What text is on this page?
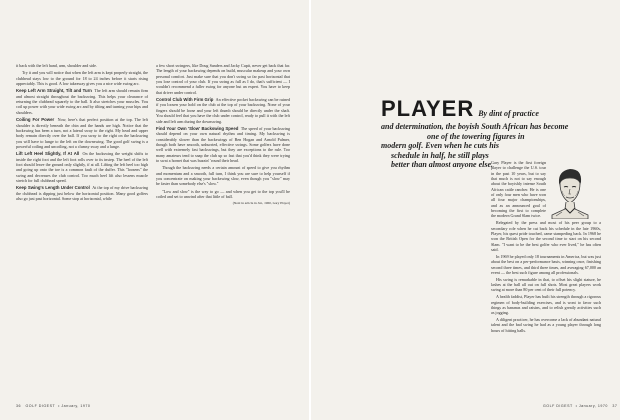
it back with the left hand, arm, shoulder and side.

Try it and you will notice that when the left arm is kept properly straight, the clubhead stays low to the ground for 18 to 24 inches before it starts rising appreciably. This is good. A low takeaway gives you a nice wide swing arc.

Keep Left Arm Straight, Tilt and Turn The left arm should remain firm and almost straight throughout the backswing. This helps your clearance of returning the clubhead squarely to the ball. It also stretches your muscles. You coil up power with your wide swing arc and by tilting and turning your hips and shoulders.

Coiling For Power Now, here's that perfect position at the top. The left shoulder is directly beneath the chin and the hands are high. Notice that the backswing has been a turn, not a lateral sway to the right. My head and upper body remain directly over the ball. If you sway to the right on the backswing you will have to lunge to the left on the downswing. The good golf swing is a powerful coiling and uncoiling, not a clumsy sway and a lunge.

Lift Left Heel Slightly, If At All On the backswing the weight shifts to inside the right foot and the left foot rolls over to its instep. The heel of the left foot should leave the ground only slightly, if at all. Lifting the left heel too high and going up onto the toe is a common fault of the duffer. This "loosens" the swing and decreases the club control. Too much heel lift also lessens muscle stretch for full clubhead speed.

Keep Swing's Length Under Control At the top of my drive backswing the clubhead is dipping just below the horizontal position. Many good golfers also go just past horizontal. Some stop at horizontal, while

a few short swingers, like Doug Sanders and Jacky Cupit, never get back that far. The length of your backswing depends on build, muscular makeup and your own personal comfort. Just make sure that you don't swing so far past horizontal that you lose control of your club. If you swing as full as I do, that's sufficient — I wouldn't recommend a fuller swing for anyone but an expert. You have to keep that driver under control.

Control Club With Firm Grip An effective pocket backswing can be ruined if you loosen your hold on the club at the top of your backswing. None of your fingers should be loose and your left thumb should be directly under the shaft. You should feel that you have the club under control, ready to pull it with the left side and left arm during the downswing.

Find Your Own 'Slow' Backswing Speed The speed of your backswing should depend on your own natural rhythm and timing. My backswing is considerably slower than the backswings of Ben Hogan and Arnold Palmer, though both have smooth, unhurried, effective swings. Some golfers have done well with extremely fast backswings, but they are exceptions to the rule. Too many amateurs tend to snap the club up so fast that you'd think they were trying to swat a hornet that was buzzin' 'round their head.

Though the backswing needs a certain amount of speed to give you rhythm and momentum and a smooth, full turn, I think you are sure to help yourself if you concentrate on making your backswing slow, even though you "slow" may be faster than somebody else's "slow."

"Low and slow" is the way to go — and when you get to the top you'll be coiled and set to unwind after that little of ball.

(Next in article in Jul., 1960, Gary Player)

36 GOLF DIGEST  • January, 1970
PLAYER By dint of practice
and determination, the boyish South African has become
one of the towering figures in
modern golf. Even when he cuts his
schedule in half, he still plays
better than almost anyone else.

Gary Player is the first foreign player to challenge the U.S. tour in the past 10 years, but to say that much is not to say enough about the boyishly intense South African cattle rancher. He is one of only four men who have won all four major championships, and as an announced goal of becoming the first to complete the modern Grand Slam twice.

Relegated by the press and most of his peer group to a secondary role when he cut back his schedule in the late 1960s, Player, his quest pride touched, came stampeding back. In 1968 he won the British Open for the second time to start on his second Slam. "I want to be the best golfer who ever lived," he has often said.

In 1969 he played only 18 tournaments in America, but was just about the best on a per-performance basis, winning once, finishing second three times, and third three times, and averaging 67,000 an event — the best such figure among all professionals.

His swing is remarkable in that, to offset his slight stature, he lashes at the ball all out on full shots. Most great players work swing at more than 80 per cent of their full potency.

A health faddist, Player has built his strength through a rigorous regimen of body-building exercises, and is wont to favor such things as bananas and raisins, and to relish greatly activities such as jogging.

A diligent practicer, he has overcome a lack of abundant natural talent and the bad swing he had as a young player through long hours of hitting balls.

GOLF DIGEST  • January, 1970 37
